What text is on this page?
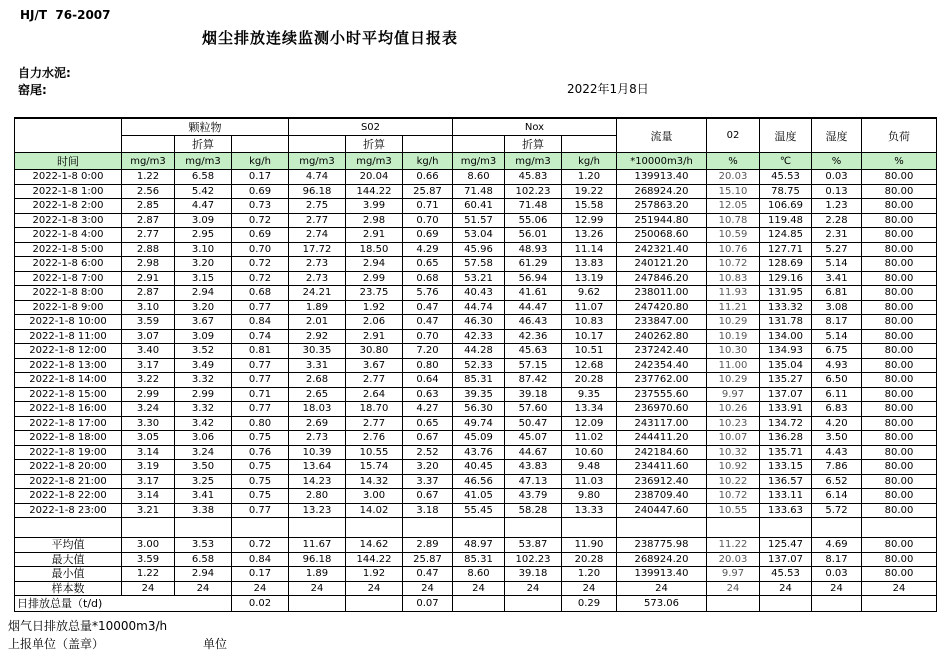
HJ/T  76-2007
烟尘排放连续监测小时平均值日报表
自力水泥:
窑尾:	2022年1月8日
	颗粒物			S02			Nox			流量	02	温度	湿度	负荷
		折算			折算			折算						
时间	mg/m3	mg/m3	kg/h	mg/m3	mg/m3	kg/h	mg/m3	mg/m3	kg/h	*10000m3/h	%	℃	%	%
2022-1-8 0:00	1.22	6.58	0.17	4.74	20.04	0.66	8.60	45.83	1.20	139913.40	20.03	45.53	0.03	80.00
2022-1-8 1:00	2.56	5.42	0.69	96.18	144.22	25.87	71.48	102.23	19.22	268924.20	15.10	78.75	0.13	80.00
2022-1-8 2:00	2.85	4.47	0.73	2.75	3.99	0.71	60.41	71.48	15.58	257863.20	12.05	106.69	1.23	80.00
2022-1-8 3:00	2.87	3.09	0.72	2.77	2.98	0.70	51.57	55.06	12.99	251944.80	10.78	119.48	2.28	80.00
2022-1-8 4:00	2.77	2.95	0.69	2.74	2.91	0.69	53.04	56.01	13.26	250068.60	10.59	124.85	2.31	80.00
2022-1-8 5:00	2.88	3.10	0.70	17.72	18.50	4.29	45.96	48.93	11.14	242321.40	10.76	127.71	5.27	80.00
2022-1-8 6:00	2.98	3.20	0.72	2.73	2.94	0.65	57.58	61.29	13.83	240121.20	10.72	128.69	5.14	80.00
2022-1-8 7:00	2.91	3.15	0.72	2.73	2.99	0.68	53.21	56.94	13.19	247846.20	10.83	129.16	3.41	80.00
2022-1-8 8:00	2.87	2.94	0.68	24.21	23.75	5.76	40.43	41.61	9.62	238011.00	11.93	131.95	6.81	80.00
2022-1-8 9:00	3.10	3.20	0.77	1.89	1.92	0.47	44.74	44.47	11.07	247420.80	11.21	133.32	3.08	80.00
2022-1-8 10:00	3.59	3.67	0.84	2.01	2.06	0.47	46.30	46.43	10.83	233847.00	10.29	131.78	8.17	80.00
2022-1-8 11:00	3.07	3.09	0.74	2.92	2.91	0.70	42.33	42.36	10.17	240262.80	10.19	134.00	5.14	80.00
2022-1-8 12:00	3.40	3.52	0.81	30.35	30.80	7.20	44.28	45.63	10.51	237242.40	10.30	134.93	6.75	80.00
2022-1-8 13:00	3.17	3.49	0.77	3.31	3.67	0.80	52.33	57.15	12.68	242354.40	11.00	135.04	4.93	80.00
2022-1-8 14:00	3.22	3.32	0.77	2.68	2.77	0.64	85.31	87.42	20.28	237762.00	10.29	135.27	6.50	80.00
2022-1-8 15:00	2.99	2.99	0.71	2.65	2.64	0.63	39.35	39.18	9.35	237555.60	9.97	137.07	6.11	80.00
2022-1-8 16:00	3.24	3.32	0.77	18.03	18.70	4.27	56.30	57.60	13.34	236970.60	10.26	133.91	6.83	80.00
2022-1-8 17:00	3.30	3.42	0.80	2.69	2.77	0.65	49.74	50.47	12.09	243117.00	10.23	134.72	4.20	80.00
2022-1-8 18:00	3.05	3.06	0.75	2.73	2.76	0.67	45.09	45.07	11.02	244411.20	10.07	136.28	3.50	80.00
2022-1-8 19:00	3.14	3.24	0.76	10.39	10.55	2.52	43.76	44.67	10.60	242184.60	10.32	135.71	4.43	80.00
2022-1-8 20:00	3.19	3.50	0.75	13.64	15.74	3.20	40.45	43.83	9.48	234411.60	10.92	133.15	7.86	80.00
2022-1-8 21:00	3.17	3.25	0.75	14.23	14.32	3.37	46.56	47.13	11.03	236912.40	10.22	136.57	6.52	80.00
2022-1-8 22:00	3.14	3.41	0.75	2.80	3.00	0.67	41.05	43.79	9.80	238709.40	10.72	133.11	6.14	80.00
2022-1-8 23:00	3.21	3.38	0.77	13.23	14.02	3.18	55.45	58.28	13.33	240447.60	10.55	133.63	5.72	80.00

平均值	3.00	3.53	0.72	11.67	14.62	2.89	48.97	53.87	11.90	238775.98	11.22	125.47	4.69	80.00
最大值	3.59	6.58	0.84	96.18	144.22	25.87	85.31	102.23	20.28	268924.20	20.03	137.07	8.17	80.00
最小值	1.22	2.94	0.17	1.89	1.92	0.47	8.60	39.18	1.20	139913.40	9.97	45.53	0.03	80.00
样本数	24	24	24	24	24	24	24	24	24	24	24	24	24	24
日排放总量（t/d)			0.02			0.07			0.29	573.06				
烟气日排放总量*10000m3/h
上报单位（盖章）	单位
